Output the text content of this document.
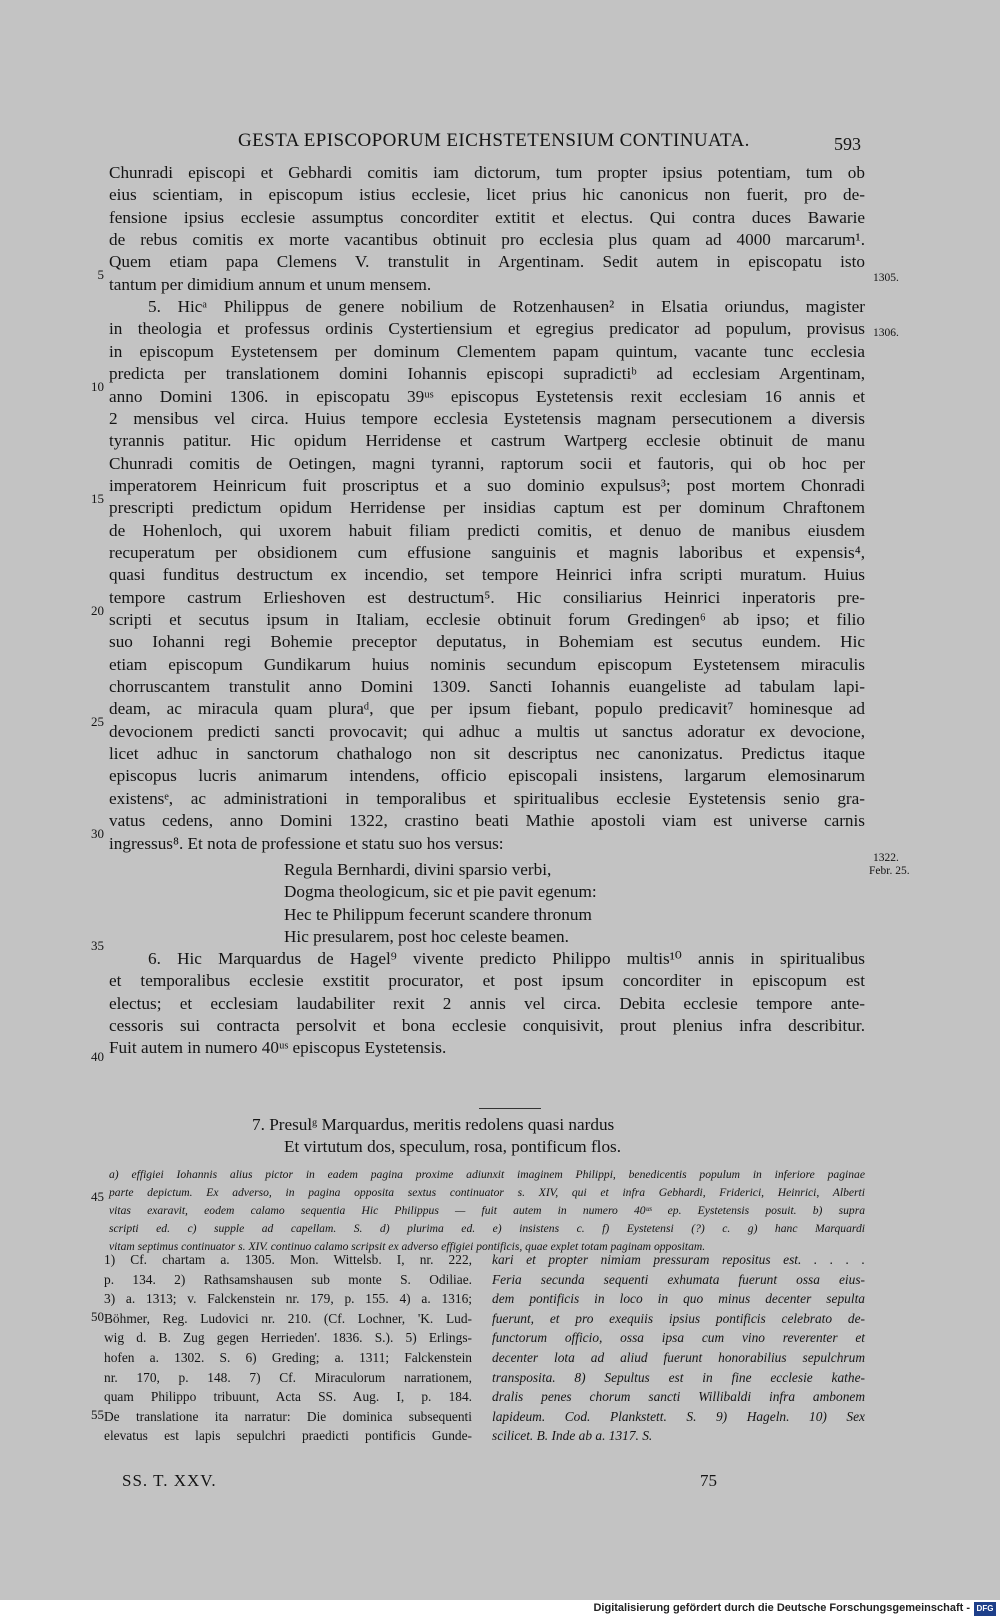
GESTA EPISCOPORUM EICHSTETENSIUM CONTINUATA.	593
Chunradi episcopi et Gebhardi comitis iam dictorum, tum propter ipsius potentiam, tum ob
eius scientiam, in episcopum istius ecclesie, licet prius hic canonicus non fuerit, pro de-
fensione ipsius ecclesie assumptus concorditer extitit et electus. Qui contra duces Bawarie
de rebus comitis ex morte vacantibus obtinuit pro ecclesia plus quam ad 4000 marcarum¹.
Quem etiam papa Clemens V. transtulit in Argentinam. Sedit autem in episcopatu isto
tantum per dimidium annum et unum mensem.
5. Hicᵃ Philippus de genere nobilium de Rotzenhausen² in Elsatia oriundus, magister
in theologia et professus ordinis Cystertiensium et egregius predicator ad populum, provisus
in episcopum Eystetensem per dominum Clementem papam quintum, vacante tunc ecclesia
predicta per translationem domini Iohannis episcopi supradictiᵇ ad ecclesiam Argentinam,
anno Domini 1306. in episcopatu 39ᵘˢ episcopus Eystetensis rexit ecclesiam 16 annis et
2 mensibus vel circa. Huius tempore ecclesia Eystetensis magnam persecutionem a diversis
tyrannis patitur. Hic opidum Herridense et castrum Wartperg ecclesie obtinuit de manu
Chunradi comitis de Oetingen, magni tyranni, raptorum socii et fautoris, qui ob hoc per
imperatorem Heinricum fuit proscriptus et a suo dominio expulsus³; post mortem Chonradi
prescripti predictum opidum Herridense per insidias captum est per dominum Chraftonem
de Hohenloch, qui uxorem habuit filiam predicti comitis, et denuo de manibus eiusdem
recuperatum per obsidionem cum effusione sanguinis et magnis laboribus et expensis⁴,
quasi funditus destructum ex incendio, set tempore Heinrici infra scripti muratum. Huius
tempore castrum Erlieshoven est destructum⁵. Hic consiliarius Heinrici inperatoris pre-
scripti et secutus ipsum in Italiam, ecclesie obtinuit forum Gredingen⁶ ab ipso; et filio
suo Iohanni regi Bohemie preceptor deputatus, in Bohemiam est secutus eundem. Hic
etiam episcopum Gundikarum huius nominis secundum episcopum Eystetensem miraculis
chorruscantem transtulit anno Domini 1309. Sancti Iohannis euangeliste ad tabulam lapi-
deam, ac miracula quam pluraᵈ, que per ipsum fiebant, populo predicavit⁷ hominesque ad
devocionem predicti sancti provocavit; qui adhuc a multis ut sanctus adoratur ex devocione,
licet adhuc in sanctorum chathalogo non sit descriptus nec canonizatus. Predictus itaque
episcopus lucris animarum intendens, officio episcopali insistens, largarum elemosinarum
existensᵉ, ac administrationi in temporalibus et spiritualibus ecclesie Eystetensis senio gra-
vatus cedens, anno Domini 1322, crastino beati Mathie apostoli viam est universe carnis
ingressus⁸. Et nota de professione et statu suo hos versus:
Regula Bernhardi, divini sparsio verbi,
Dogma theologicum, sic et pie pavit egenum:
Hec te Philippum fecerunt scandere thronum
Hic presularem, post hoc celeste beamen.
6. Hic Marquardus de Hagel⁹ vivente predicto Philippo multis¹⁰ annis in spiritualibus
et temporalibus ecclesie exstitit procurator, et post ipsum concorditer in episcopum est
electus; et ecclesiam laudabiliter rexit 2 annis vel circa. Debita ecclesie tempore ante-
cessoris sui contracta persolvit et bona ecclesie conquisivit, prout plenius infra describitur.
Fuit autem in numero 40ᵘˢ episcopus Eystetensis.
7. Presulᵍ Marquardus, meritis redolens quasi nardus
Et virtutum dos, speculum, rosa, pontificum flos.
a) effigiei Iohannis alius pictor in eadem pagina proxime adiunxit imaginem Philippi, benedicentis populum in inferiore paginae
parte depictum. Ex adverso, in pagina opposita sextus continuator s. XIV, qui et infra Gebhardi, Friderici, Heinrici, Alberti
vitas exaravit, eodem calamo sequentia Hic Philippus — fuit autem in numero 40ᵘˢ ep. Eystetensis posuit. b) supra
scripti ed. c) supple ad capellam. S. d) plurima ed. e) insistens c. f) Eystetensi (?) c. g) hanc Marquardi
vitam septimus continuator s. XIV. continuo calamo scripsit ex adverso effigiei pontificis, quae explet totam paginam oppositam.
1) Cf. chartam a. 1305. Mon. Wittelsb. I, nr. 222,
p. 134. 2) Rathsamshausen sub monte S. Odiliae.
3) a. 1313; v. Falckenstein nr. 179, p. 155. 4) a. 1316;
Böhmer, Reg. Ludovici nr. 210. (Cf. Lochner, 'K. Lud-
wig d. B. Zug gegen Herrieden'. 1836. S.). 5) Erlings-
hofen a. 1302. S. 6) Greding; a. 1311; Falckenstein
nr. 170, p. 148. 7) Cf. Miraculorum narrationem,
quam Philippo tribuunt, Acta SS. Aug. I, p. 184.
De translatione ita narratur: Die dominica subsequenti
elevatus est lapis sepulchri praedicti pontificis Gunde-
kari et propter nimiam pressuram repositus est. . . . .
Feria secunda sequenti exhumata fuerunt ossa eius-
dem pontificis in loco in quo minus decenter sepulta
fuerunt, et pro exequiis ipsius pontificis celebrato de-
functorum officio, ossa ipsa cum vino reverenter et
decenter lota ad aliud fuerunt honorabilius sepulchrum
transposita. 8) Sepultus est in fine ecclesie kathe-
dralis penes chorum sancti Willibaldi infra ambonem
lapideum. Cod. Plankstett. S. 9) Hageln. 10) Sex
scilicet. B. Inde ab a. 1317. S.
5
10
15
20
25
30
35
40
45
50
55
1305.
1306.
1322.
Febr. 25.
SS. T. XXV.	75
Digitalisierung gefördert durch die Deutsche Forschungsgemeinschaft - DFG
